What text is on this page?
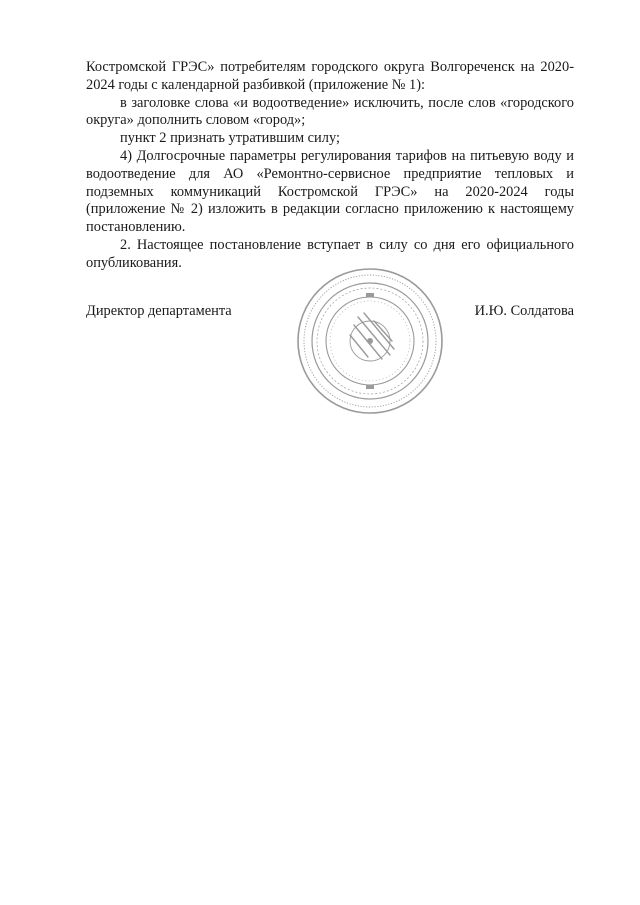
Костромской ГРЭС» потребителям городского округа Волгореченск на 2020-2024 годы с календарной разбивкой (приложение № 1):

в заголовке слова «и водоотведение» исключить, после слов «городского округа» дополнить словом «город»;

пункт 2 признать утратившим силу;

4) Долгосрочные параметры регулирования тарифов на питьевую воду и водоотведение для АО «Ремонтно-сервисное предприятие тепловых и подземных коммуникаций Костромской ГРЭС» на 2020-2024 годы (приложение № 2) изложить в редакции согласно приложению к настоящему постановлению.

2. Настоящее постановление вступает в силу со дня его официального опубликования.

Директор департамента	И.Ю. Солдатова
